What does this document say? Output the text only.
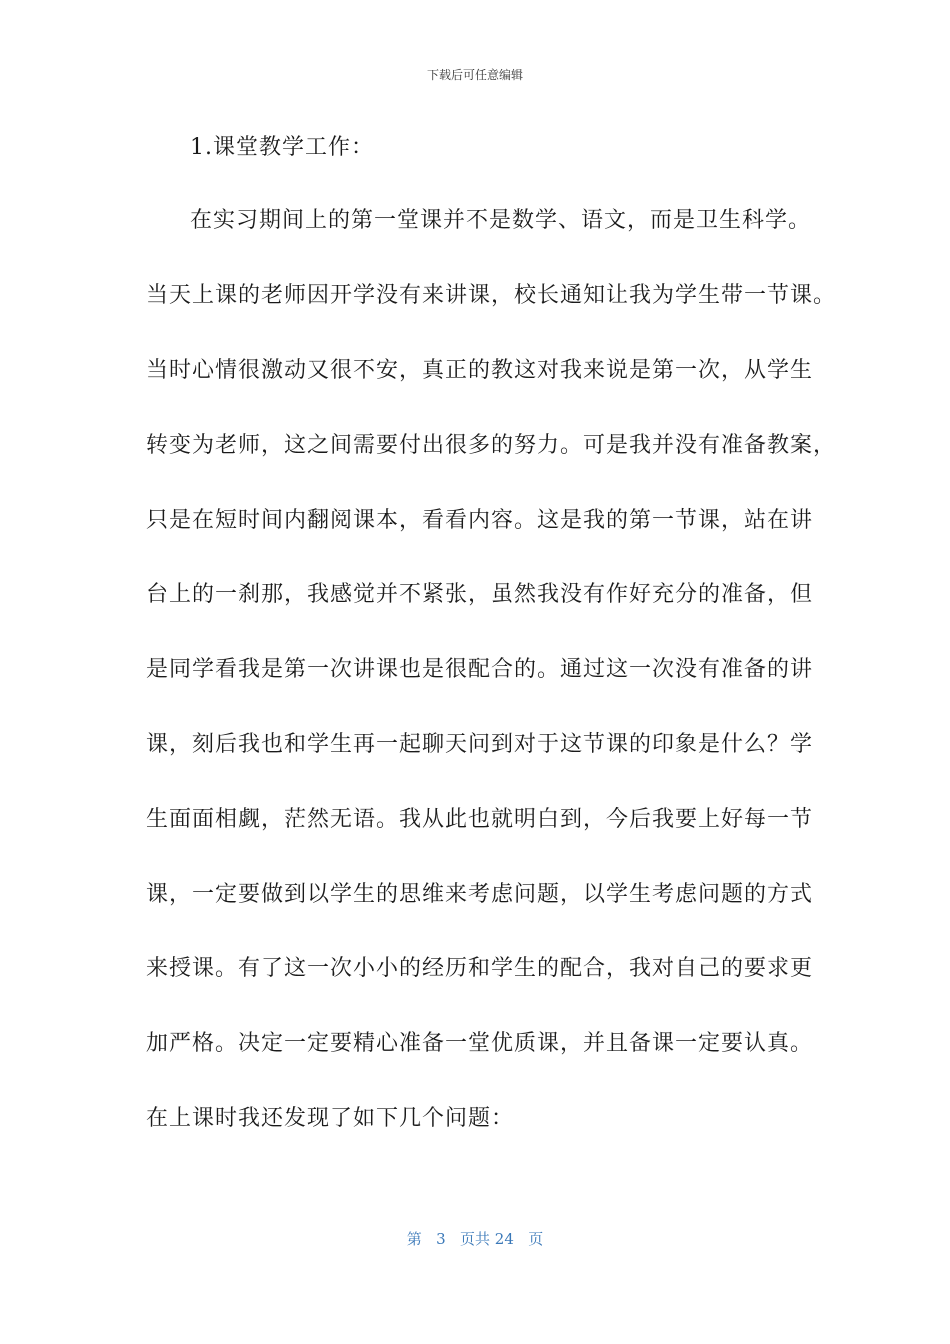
下载后可任意编辑
1.课堂教学工作：
在实习期间上的第一堂课并不是数学、语文，而是卫生科学。
当天上课的老师因开学没有来讲课，校长通知让我为学生带一节课。
当时心情很激动又很不安，真正的教这对我来说是第一次，从学生
转变为老师，这之间需要付出很多的努力。可是我并没有准备教案，
只是在短时间内翻阅课本，看看内容。这是我的第一节课，站在讲
台上的一刹那，我感觉并不紧张，虽然我没有作好充分的准备，但
是同学看我是第一次讲课也是很配合的。通过这一次没有准备的讲
课，刻后我也和学生再一起聊天问到对于这节课的印象是什么？学
生面面相觑，茫然无语。我从此也就明白到，今后我要上好每一节
课，一定要做到以学生的思维来考虑问题，以学生考虑问题的方式
来授课。有了这一次小小的经历和学生的配合，我对自己的要求更
加严格。决定一定要精心准备一堂优质课，并且备课一定要认真。
在上课时我还发现了如下几个问题：
第 3 页共 24 页
